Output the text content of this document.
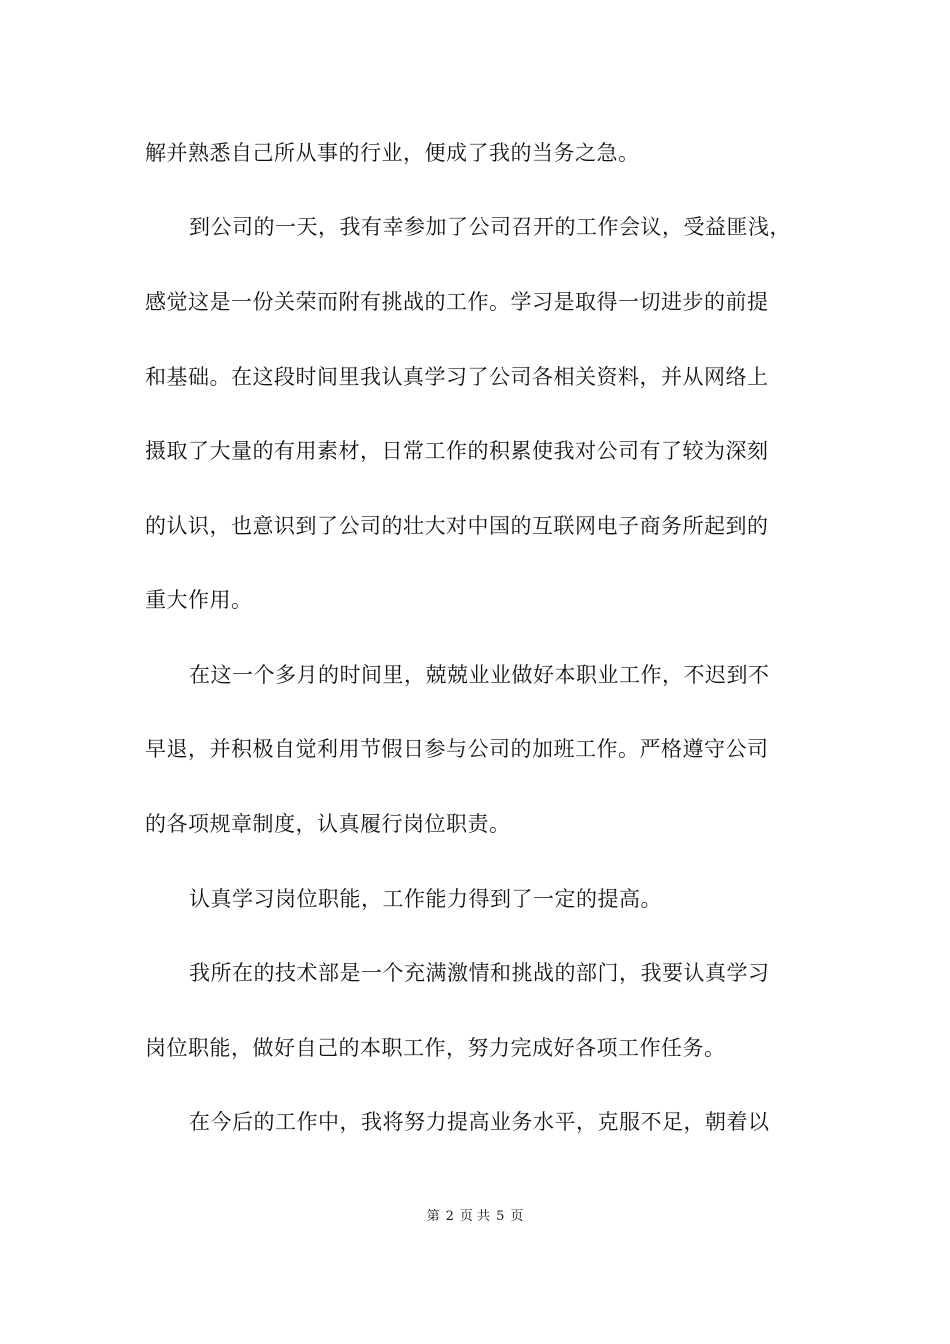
解并熟悉自己所从事的行业，便成了我的当务之急。
到公司的一天，我有幸参加了公司召开的工作会议，受益匪浅，
感觉这是一份关荣而附有挑战的工作。学习是取得一切进步的前提
和基础。在这段时间里我认真学习了公司各相关资料，并从网络上
摄取了大量的有用素材，日常工作的积累使我对公司有了较为深刻
的认识，也意识到了公司的壮大对中国的互联网电子商务所起到的
重大作用。
在这一个多月的时间里，兢兢业业做好本职业工作，不迟到不
早退，并积极自觉利用节假日参与公司的加班工作。严格遵守公司
的各项规章制度，认真履行岗位职责。
认真学习岗位职能，工作能力得到了一定的提高。
我所在的技术部是一个充满激情和挑战的部门，我要认真学习
岗位职能，做好自己的本职工作，努力完成好各项工作任务。
在今后的工作中，我将努力提高业务水平，克服不足，朝着以
第 2 页 共 5 页
